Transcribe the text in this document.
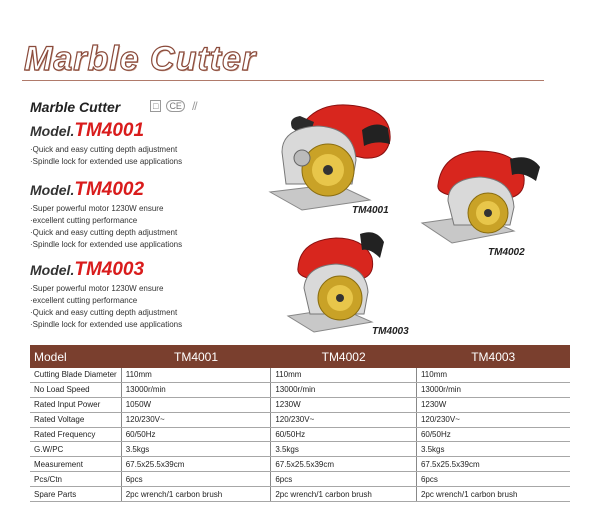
Marble Cutter
Marble Cutter	□	CE //
Model.TM4001
·Quick and easy cutting depth adjustment
·Spindle lock for extended use applications
Model.TM4002
·Super powerful motor 1230W ensure
·excellent cutting performance
·Quick and easy cutting depth adjustment
·Spindle lock for extended use applications
Model.TM4003
·Super powerful motor 1230W ensure
·excellent cutting performance
·Quick and easy cutting depth adjustment
·Spindle lock for extended use applications
TM4001
TM4002
TM4003
Model	TM4001	TM4002	TM4003
Cutting Blade Diameter	110mm	110mm	110mm
No Load Speed	13000r/min	13000r/min	13000r/min
Rated Input Power	1050W	1230W	1230W
Rated Voltage	120/230V~	120/230V~	120/230V~
Rated Frequency	60/50Hz	60/50Hz	60/50Hz
G.W/PC	3.5kgs	3.5kgs	3.5kgs
Measurement	67.5x25.5x39cm	67.5x25.5x39cm	67.5x25.5x39cm
Pcs/Ctn	6pcs	6pcs	6pcs
Spare Parts	2pc wrench/1 carbon brush	2pc wrench/1 carbon brush	2pc wrench/1 carbon brush
